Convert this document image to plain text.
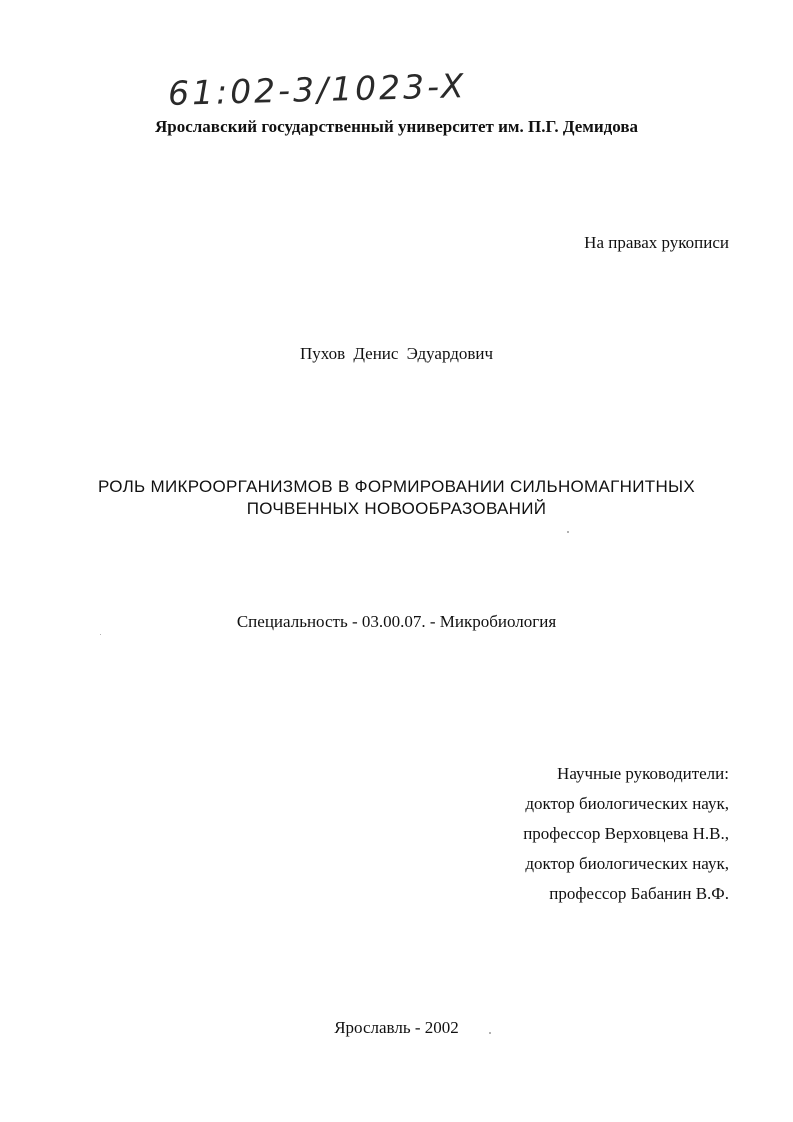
61:02-3/1023-X
Ярославский государственный университет им. П.Г. Демидова
На правах рукописи
Пухов Денис Эдуардович
РОЛЬ МИКРООРГАНИЗМОВ В ФОРМИРОВАНИИ СИЛЬНОМАГНИТНЫХ
ПОЧВЕННЫХ НОВООБРАЗОВАНИЙ
Специальность - 03.00.07. - Микробиология
Научные руководители:
доктор биологических наук,
профессор Верховцева Н.В.,
доктор биологических наук,
профессор Бабанин В.Ф.
Ярославль - 2002
